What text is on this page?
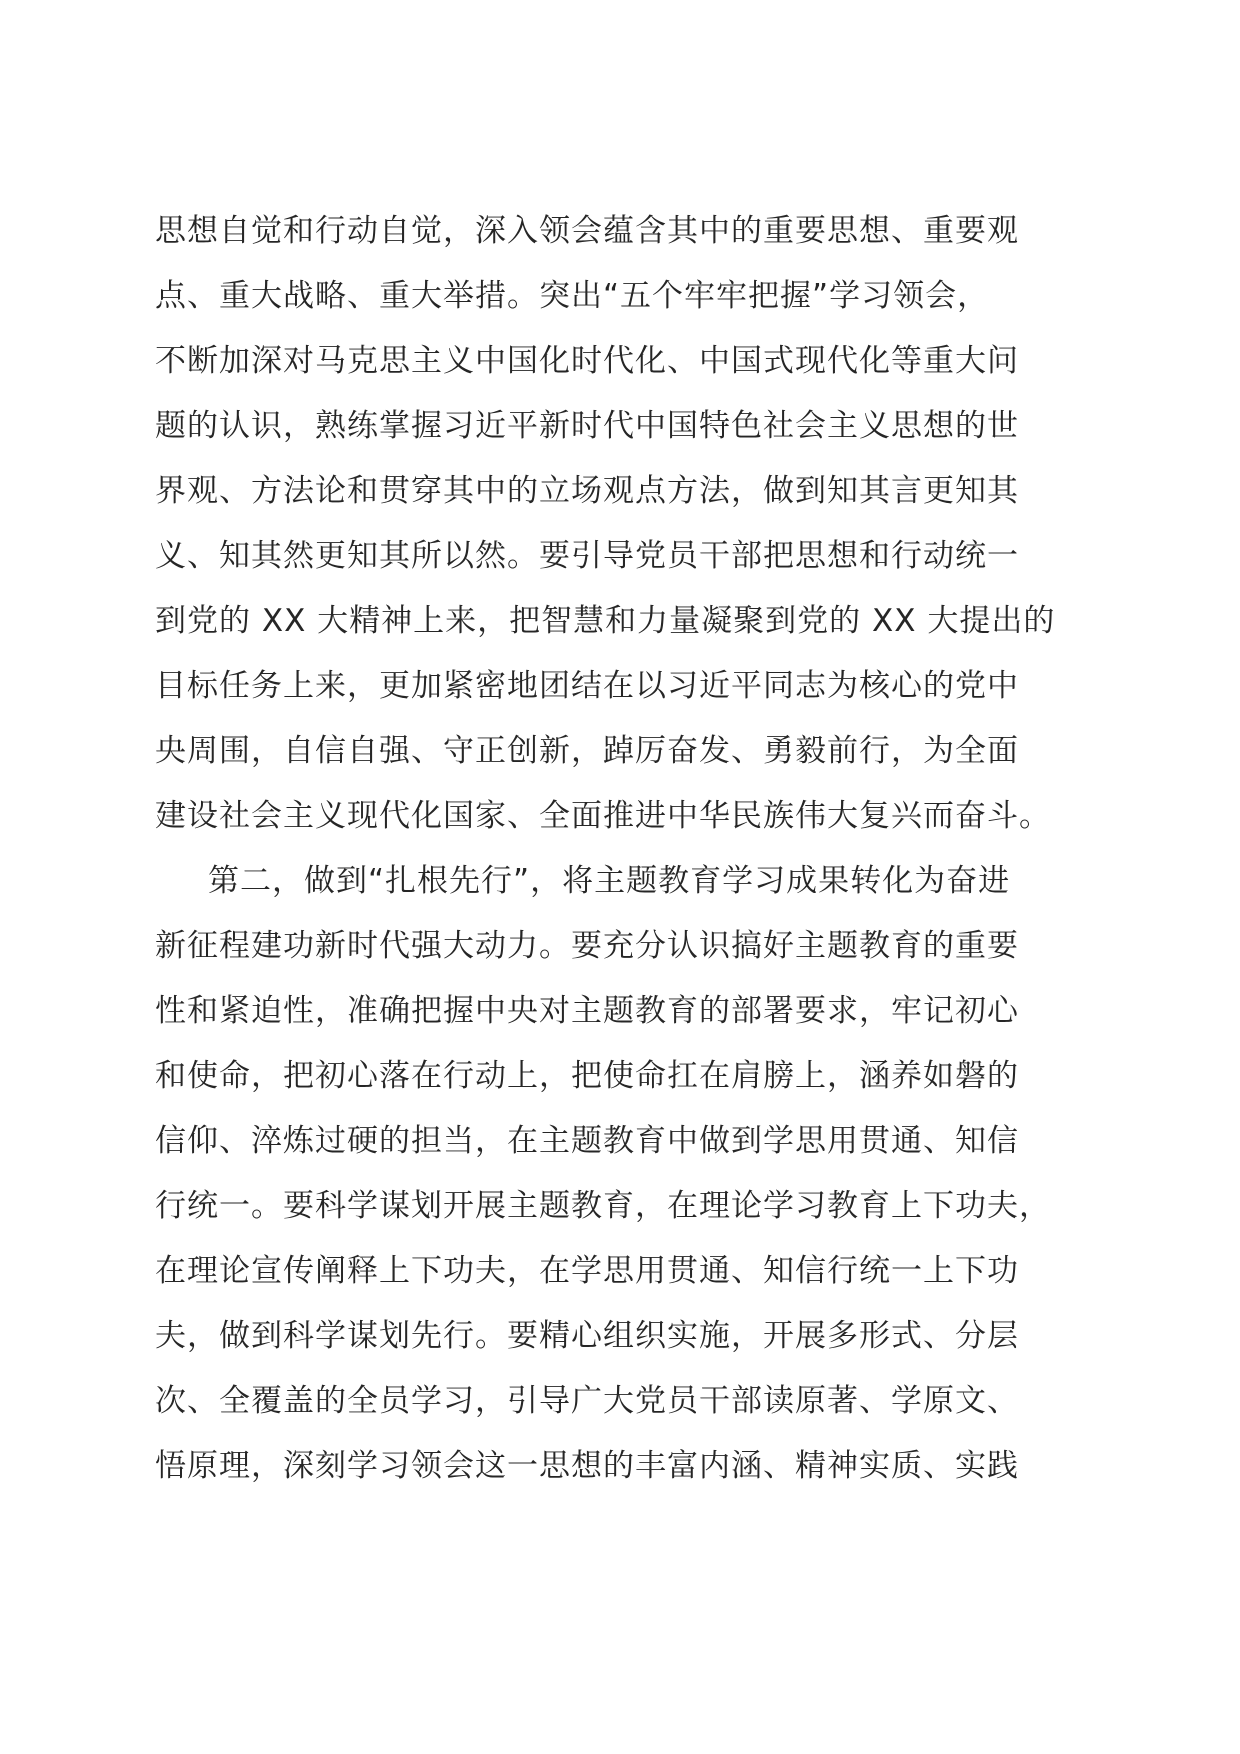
思想自觉和行动自觉，深入领会蕴含其中的重要思想、重要观
点、重大战略、重大举措。突出“五个牢牢把握”学习领会，
不断加深对马克思主义中国化时代化、中国式现代化等重大问
题的认识，熟练掌握习近平新时代中国特色社会主义思想的世
界观、方法论和贯穿其中的立场观点方法，做到知其言更知其
义、知其然更知其所以然。要引导党员干部把思想和行动统一
到党的 XX 大精神上来，把智慧和力量凝聚到党的 XX 大提出的
目标任务上来，更加紧密地团结在以习近平同志为核心的党中
央周围，自信自强、守正创新，踔厉奋发、勇毅前行，为全面
建设社会主义现代化国家、全面推进中华民族伟大复兴而奋斗。
第二，做到“扎根先行”，将主题教育学习成果转化为奋进
新征程建功新时代强大动力。要充分认识搞好主题教育的重要
性和紧迫性，准确把握中央对主题教育的部署要求，牢记初心
和使命，把初心落在行动上，把使命扛在肩膀上，涵养如磐的
信仰、淬炼过硬的担当，在主题教育中做到学思用贯通、知信
行统一。要科学谋划开展主题教育，在理论学习教育上下功夫，
在理论宣传阐释上下功夫，在学思用贯通、知信行统一上下功
夫，做到科学谋划先行。要精心组织实施，开展多形式、分层
次、全覆盖的全员学习，引导广大党员干部读原著、学原文、
悟原理，深刻学习领会这一思想的丰富内涵、精神实质、实践
